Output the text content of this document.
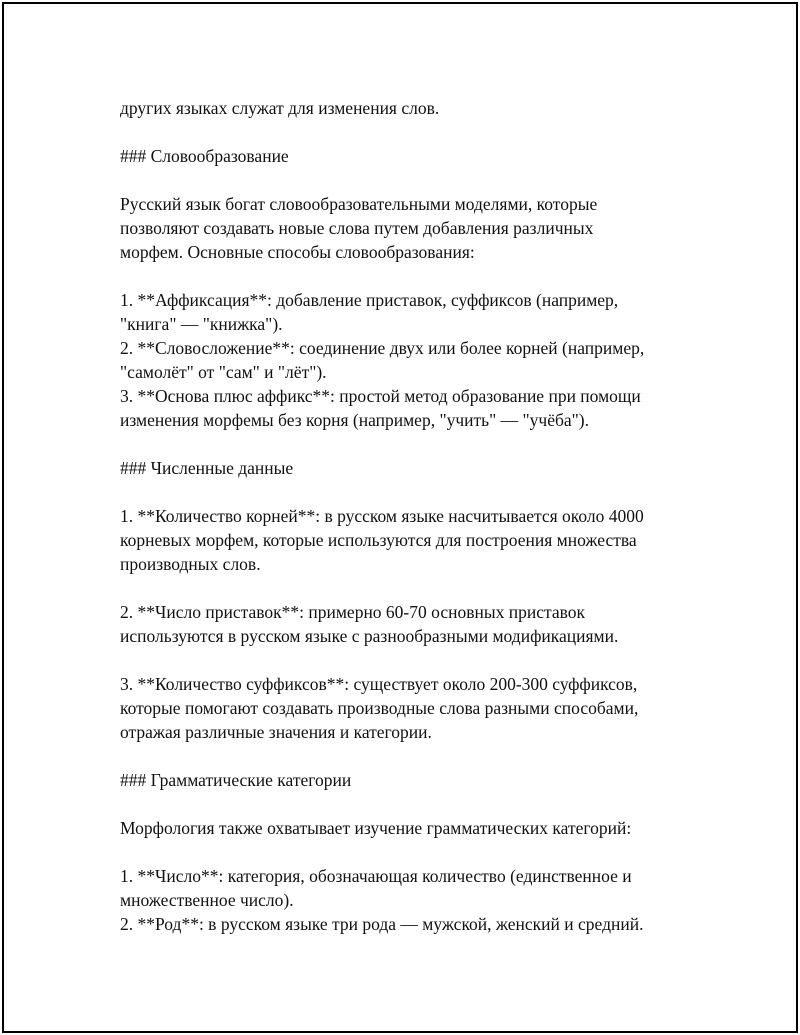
других языках служат для изменения слов.
### Словообразование
Русский язык богат словообразовательными моделями, которые
позволяют создавать новые слова путем добавления различных
морфем. Основные способы словообразования:
1. **Аффиксация**: добавление приставок, суффиксов (например,
"книга" — "книжка").
2. **Словосложение**: соединение двух или более корней (например,
"самолёт" от "сам" и "лёт").
3. **Основа плюс аффикс**: простой метод образование при помощи
изменения морфемы без корня (например, "учить" — "учёба").
### Численные данные
1. **Количество корней**: в русском языке насчитывается около 4000
корневых морфем, которые используются для построения множества
производных слов.
2. **Число приставок**: примерно 60-70 основных приставок
используются в русском языке с разнообразными модификациями.
3. **Количество суффиксов**: существует около 200-300 суффиксов,
которые помогают создавать производные слова разными способами,
отражая различные значения и категории.
### Грамматические категории
Морфология также охватывает изучение грамматических категорий:
1. **Число**: категория, обозначающая количество (единственное и
множественное число).
2. **Род**: в русском языке три рода — мужской, женский и средний.
